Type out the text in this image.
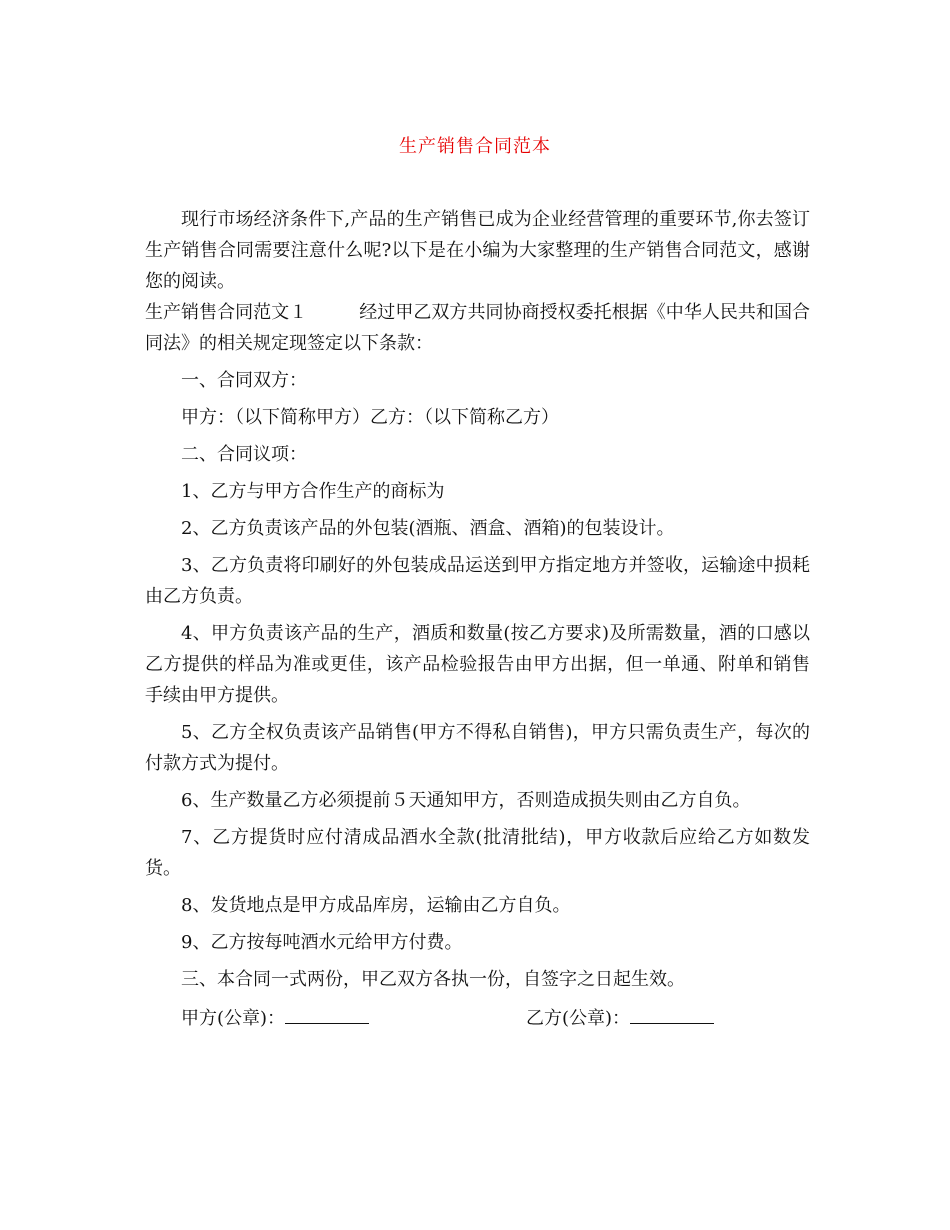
生产销售合同范本

现行市场经济条件下,产品的生产销售已成为企业经营管理的重要环节,你去签订生产销售合同需要注意什么呢?以下是在小编为大家整理的生产销售合同范文，感谢您的阅读。

生产销售合同范文１	经过甲乙双方共同协商授权委托根据《中华人民共和国合同法》的相关规定现签定以下条款：

一、合同双方：

甲方：（以下简称甲方）乙方：（以下简称乙方）

二、合同议项：

1、乙方与甲方合作生产的商标为

2、乙方负责该产品的外包装(酒瓶、酒盒、酒箱)的包装设计。

3、乙方负责将印刷好的外包装成品运送到甲方指定地方并签收，运输途中损耗由乙方负责。

4、甲方负责该产品的生产，酒质和数量(按乙方要求)及所需数量，酒的口感以乙方提供的样品为准或更佳，该产品检验报告由甲方出据，但一单通、附单和销售手续由甲方提供。

5、乙方全权负责该产品销售(甲方不得私自销售)，甲方只需负责生产，每次的付款方式为提付。

6、生产数量乙方必须提前５天通知甲方，否则造成损失则由乙方自负。

7、乙方提货时应付清成品酒水全款(批清批结)，甲方收款后应给乙方如数发货。

8、发货地点是甲方成品库房，运输由乙方自负。

9、乙方按每吨酒水元给甲方付费。

三、本合同一式两份，甲乙双方各执一份，自签字之日起生效。

甲方(公章)：	乙方(公章)：
